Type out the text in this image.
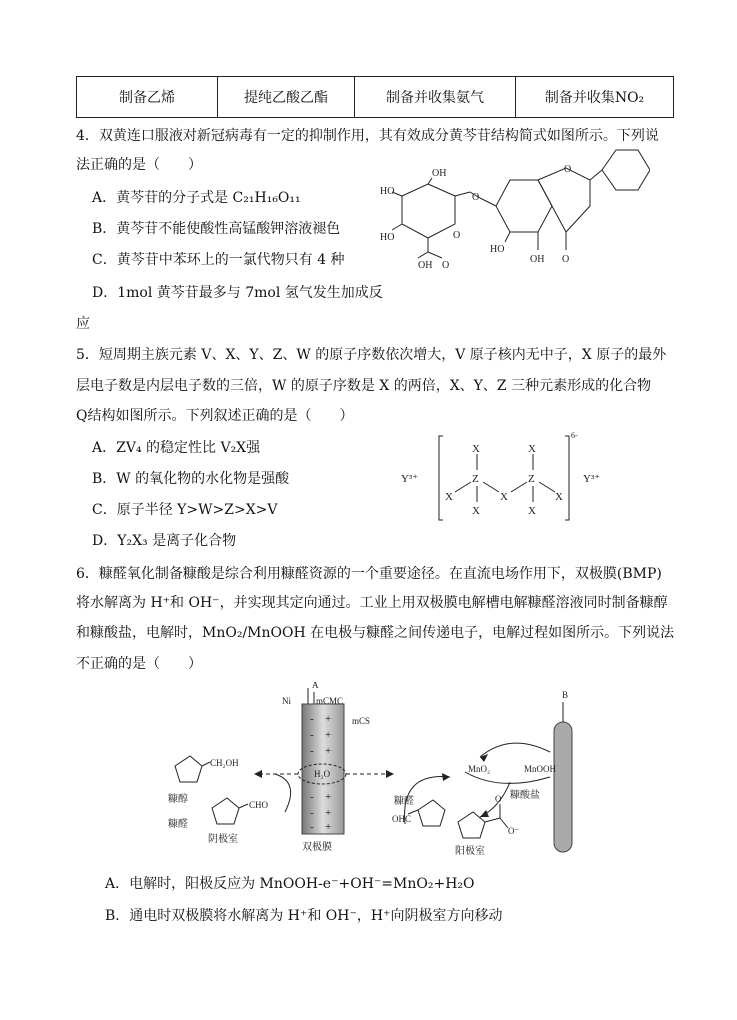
制备乙烯	提纯乙酸乙酯	制备并收集氨气	制备并收集NO₂
4．双黄连口服液对新冠病毒有一定的抑制作用，其有效成分黄芩苷结构简式如图所示。下列说
法正确的是（　　）
A．黄芩苷的分子式是 C₂₁H₁₆O₁₁
B．黄芩苷不能使酸性高锰酸钾溶液褪色
C．黄芩苷中苯环上的一氯代物只有 4 种
D．1mol 黄芩苷最多与 7mol 氢气发生加成反
应
OH
O
HO
O
HO
OH O
HO
O
OH O
5．短周期主族元素 V、X、Y、Z、W 的原子序数依次增大，V 原子核内无中子，X 原子的最外
层电子数是内层电子数的三倍，W 的原子序数是 X 的两倍，X、Y、Z 三种元素形成的化合物
Q结构如图所示。下列叙述正确的是（　　）
A．ZV₄ 的稳定性比 V₂X强
B．W 的氧化物的水化物是强酸
C．原子半径 Y>W>Z>X>V
D．Y₂X₃ 是离子化合物
Y³⁺	Y³⁺
X
Z
X
X	X
X
Z
X
X
6-
6．糠醛氧化制备糠酸是综合利用糠醛资源的一个重要途径。在直流电场作用下，双极膜(BMP)
将水解离为 H⁺和 OH⁻，并实现其定向通过。工业上用双极膜电解槽电解糠醛溶液同时制备糠醇
和糠酸盐，电解时，MnO₂/MnOOH 在电极与糠醛之间传递电子，电解过程如图所示。下列说法
不正确的是（　　）
- +
- +
- +
- +
- +
- +
A
Ni	mCMC
mCS
B
H₂O	MnO₂	MnOOH
CH₂OH
CHO
OHC
O
O⁻
糠醇
糠醛
糠醛
糠酸盐
阴极室
阳极室
双极膜
A．电解时，阳极反应为 MnOOH-e⁻+OH⁻=MnO₂+H₂O
B．通电时双极膜将水解离为 H⁺和 OH⁻，H⁺向阴极室方向移动
